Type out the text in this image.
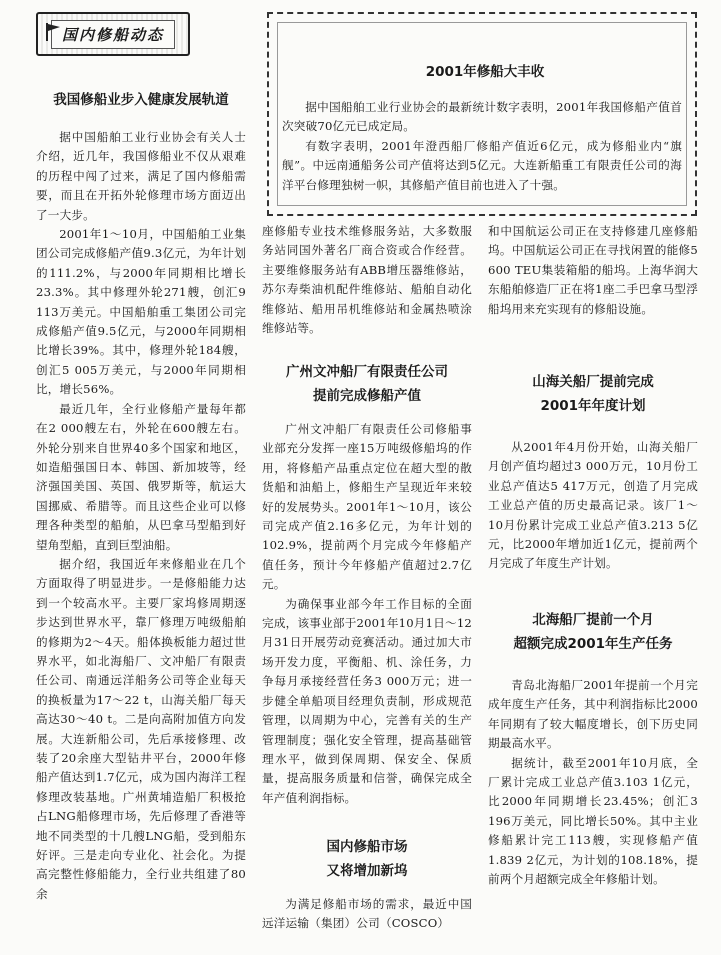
国内修船动态
2001年修船大丰收

据中国船舶工业行业协会的最新统计数字表明，2001年我国修船产值首次突破70亿元已成定局。

有数字表明，2001年澄西船厂修船产值近6亿元，成为修船业内“旗舰”。中远南通船务公司产值将达到5亿元。大连新船重工有限责任公司的海洋平台修理独树一帜，其修船产值目前也进入了十强。

我国修船业步入健康发展轨道

据中国船舶工业行业协会有关人士介绍，近几年，我国修船业不仅从艰难的历程中闯了过来，满足了国内修船需要，而且在开拓外轮修理市场方面迈出了一大步。

2001年1～10月，中国船舶工业集团公司完成修船产值9.3亿元，为年计划的111.2%，与2000年同期相比增长23.3%。其中修理外轮271艘，创汇9 113万美元。中国船舶重工集团公司完成修船产值9.5亿元，与2000年同期相比增长39%。其中，修理外轮184艘，创汇5 005万美元，与2000年同期相比，增长56%。

最近几年，全行业修船产量每年都在2 000艘左右，外轮在600艘左右。外轮分别来自世界40多个国家和地区，如造船强国日本、韩国、新加坡等，经济强国美国、英国、俄罗斯等，航运大国挪威、希腊等。而且这些企业可以修理各种类型的船舶，从巴拿马型船到好望角型船，直到巨型油船。

据介绍，我国近年来修船业在几个方面取得了明显进步。一是修船能力达到一个较高水平。主要厂家坞修周期逐步达到世界水平，靠厂修理万吨级船舶的修期为2～4天。船体换板能力超过世界水平，如北海船厂、文冲船厂有限责任公司、南通远洋船务公司等企业每天的换板量为17～22 t，山海关船厂每天高达30～40 t。二是向高附加值方向发展。大连新船公司，先后承接修理、改装了20余座大型钻井平台，2000年修船产值达到1.7亿元，成为国内海洋工程修理改装基地。广州黄埔造船厂积极抢占LNG船修理市场，先后修理了香港等地不同类型的十几艘LNG船，受到船东好评。三是走向专业化、社会化。为提高完整性修船能力，全行业共组建了80余

座修船专业技术维修服务站，大多数服务站同国外著名厂商合资或合作经营。主要维修服务站有ABB增压器维修站，苏尔寿柴油机配件维修站、船舶自动化维修站、船用吊机维修站和金属热喷涂维修站等。

广州文冲船厂有限责任公司
提前完成修船产值

广州文冲船厂有限责任公司修船事业部充分发挥一座15万吨级修船坞的作用，将修船产品重点定位在超大型的散货船和油船上，修船生产呈现近年来较好的发展势头。2001年1～10月，该公司完成产值2.16多亿元，为年计划的102.9%，提前两个月完成今年修船产值任务，预计今年修船产值超过2.7亿元。

为确保事业部今年工作目标的全面完成，该事业部于2001年10月1日～12月31日开展劳动竞赛活动。通过加大市场开发力度，平衡船、机、涂任务，力争每月承接经营任务3 000万元；进一步健全单船项目经理负责制，形成规范管理，以周期为中心，完善有关的生产管理制度；强化安全管理，提高基础管理水平，做到保周期、保安全、保质量，提高服务质量和信誉，确保完成全年产值利润指标。

国内修船市场
又将增加新坞

为满足修船市场的需求，最近中国远洋运输（集团）公司（COSCO）

和中国航运公司正在支持修建几座修船坞。中国航运公司正在寻找闲置的能修5 600 TEU集装箱船的船坞。上海华润大东船舶修造厂正在将1座二手巴拿马型浮船坞用来充实现有的修船设施。

山海关船厂提前完成
2001年年度计划

从2001年4月份开始，山海关船厂月创产值均超过3 000万元，10月份工业总产值达5 417万元，创造了月完成工业总产值的历史最高记录。该厂1～10月份累计完成工业总产值3.213 5亿元，比2000年增加近1亿元，提前两个月完成了年度生产计划。

北海船厂提前一个月
超额完成2001年生产任务

青岛北海船厂2001年提前一个月完成年度生产任务，其中利润指标比2000年同期有了较大幅度增长，创下历史同期最高水平。

据统计，截至2001年10月底，全厂累计完成工业总产值3.103 1亿元，比2000年同期增长23.45%；创汇3 196万美元，同比增长50%。其中主业修船累计完工113艘，实现修船产值1.839 2亿元，为计划的108.18%，提前两个月超额完成全年修船计划。
